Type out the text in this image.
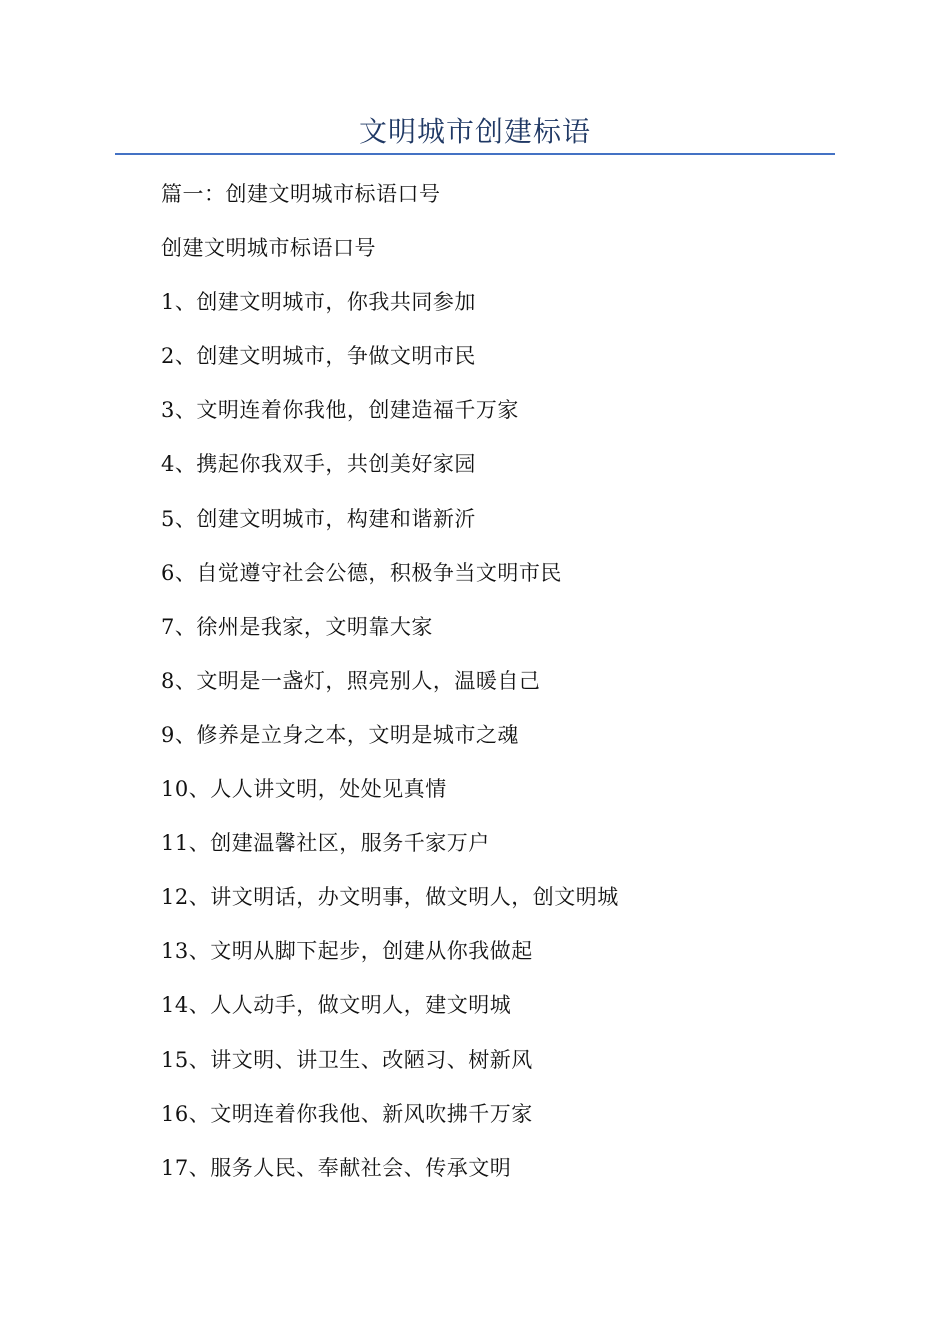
文明城市创建标语
篇一：创建文明城市标语口号
创建文明城市标语口号
1、创建文明城市，你我共同参加
2、创建文明城市，争做文明市民
3、文明连着你我他，创建造福千万家
4、携起你我双手，共创美好家园
5、创建文明城市，构建和谐新沂
6、自觉遵守社会公德，积极争当文明市民
7、徐州是我家，文明靠大家
8、文明是一盏灯，照亮别人，温暖自己
9、修养是立身之本，文明是城市之魂
10、人人讲文明，处处见真情
11、创建温馨社区，服务千家万户
12、讲文明话，办文明事，做文明人，创文明城
13、文明从脚下起步，创建从你我做起
14、人人动手，做文明人，建文明城
15、讲文明、讲卫生、改陋习、树新风
16、文明连着你我他、新风吹拂千万家
17、服务人民、奉献社会、传承文明
